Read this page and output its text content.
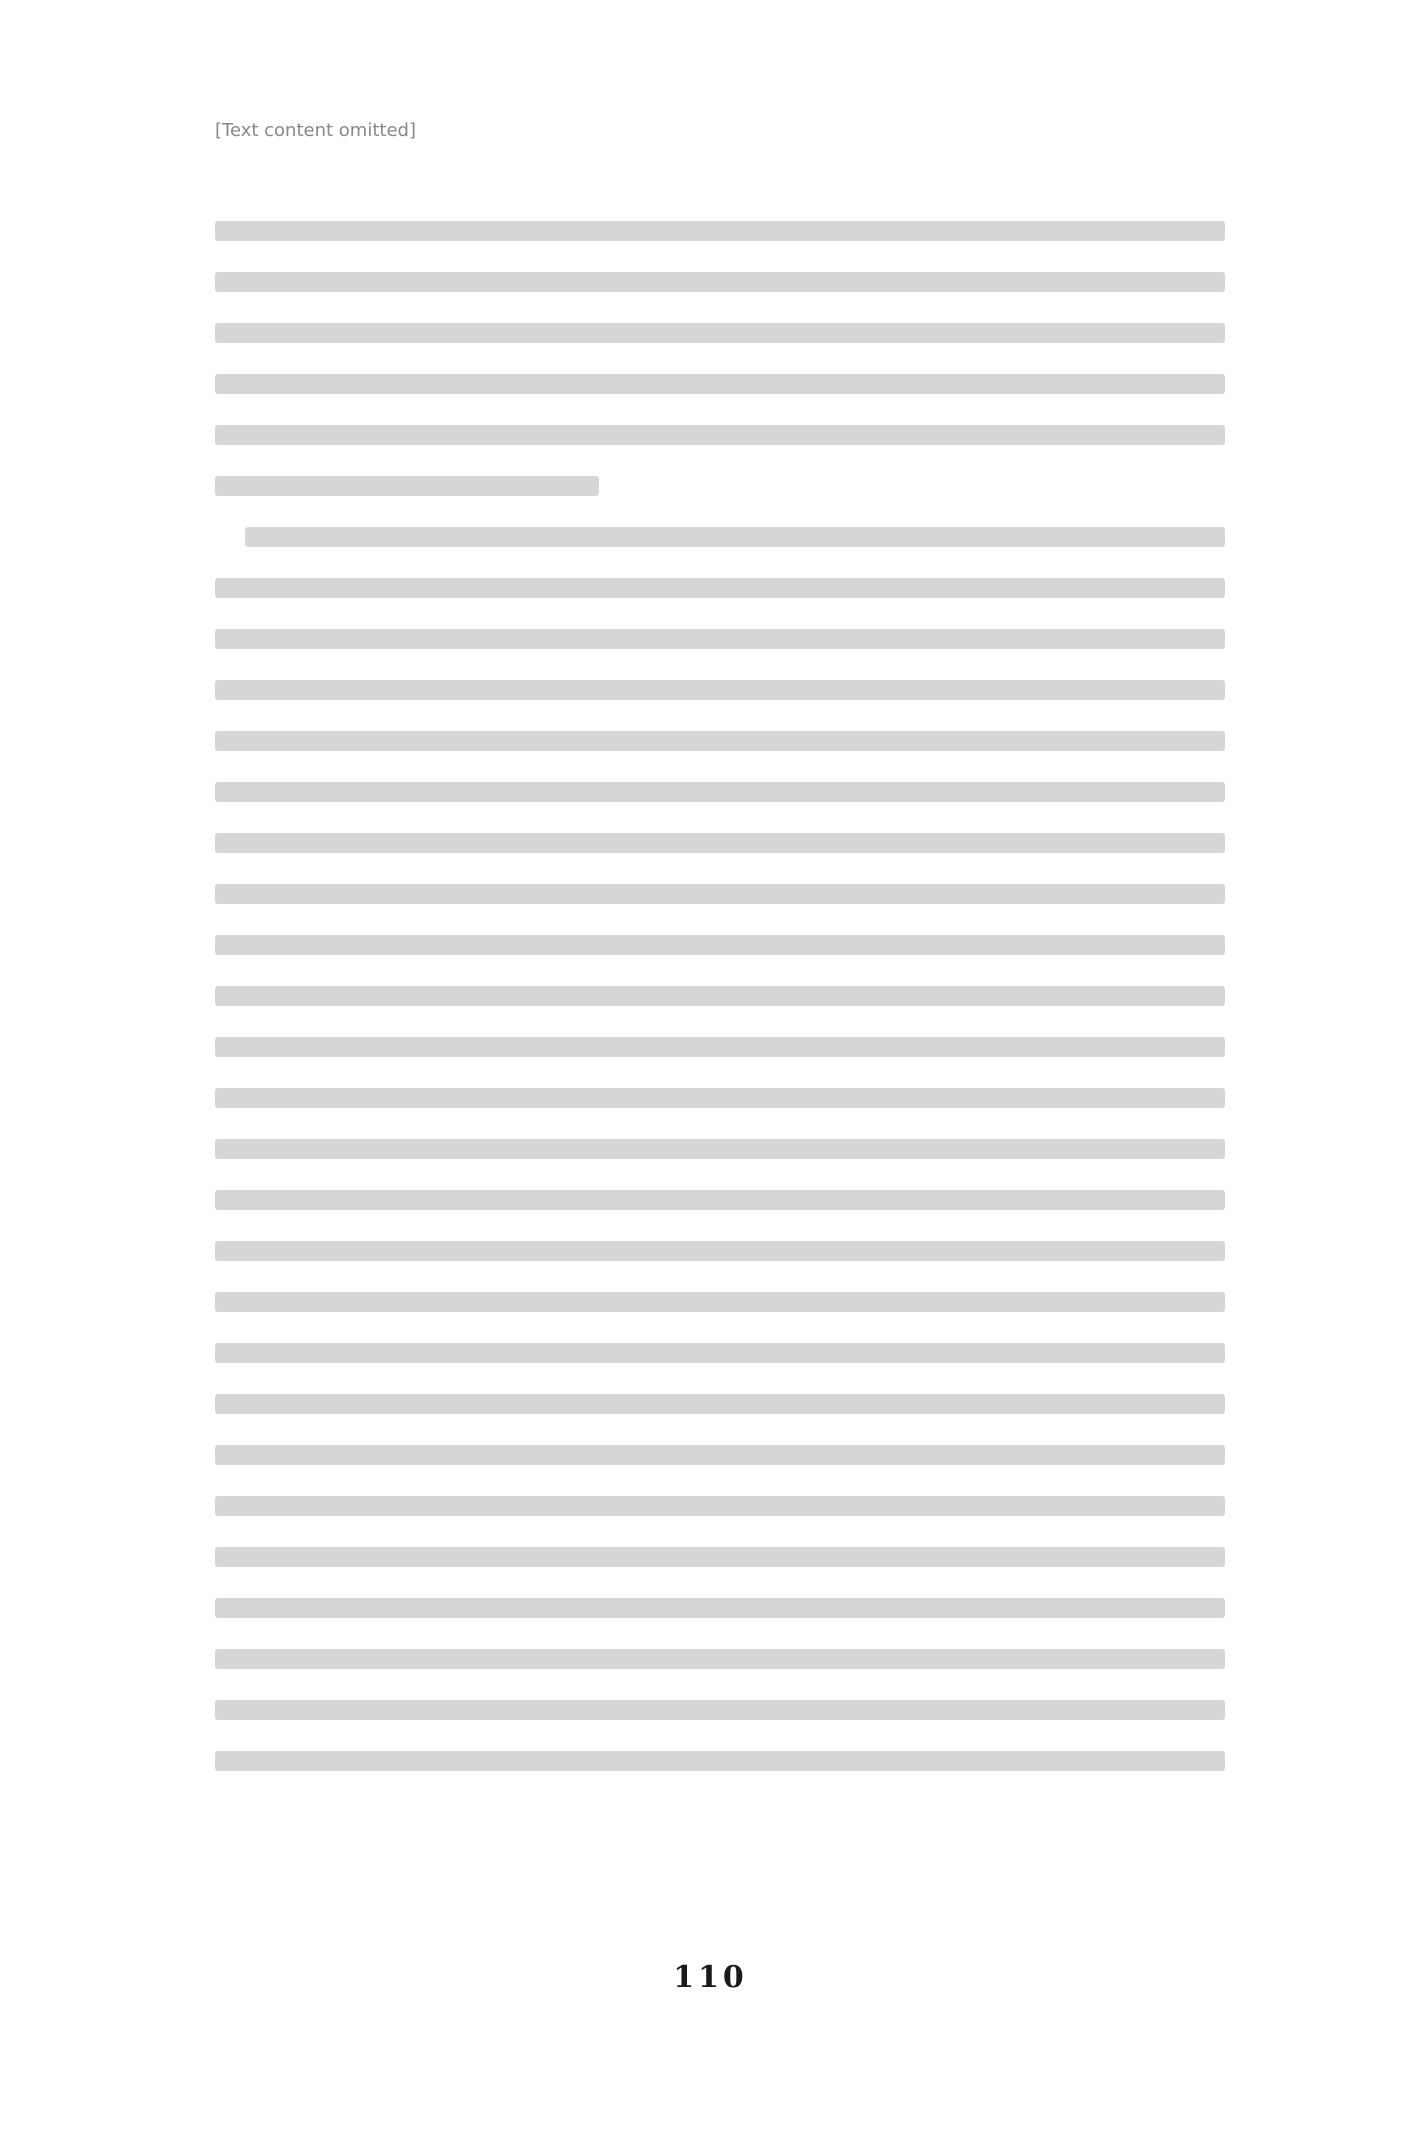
[Text content omitted]
110
